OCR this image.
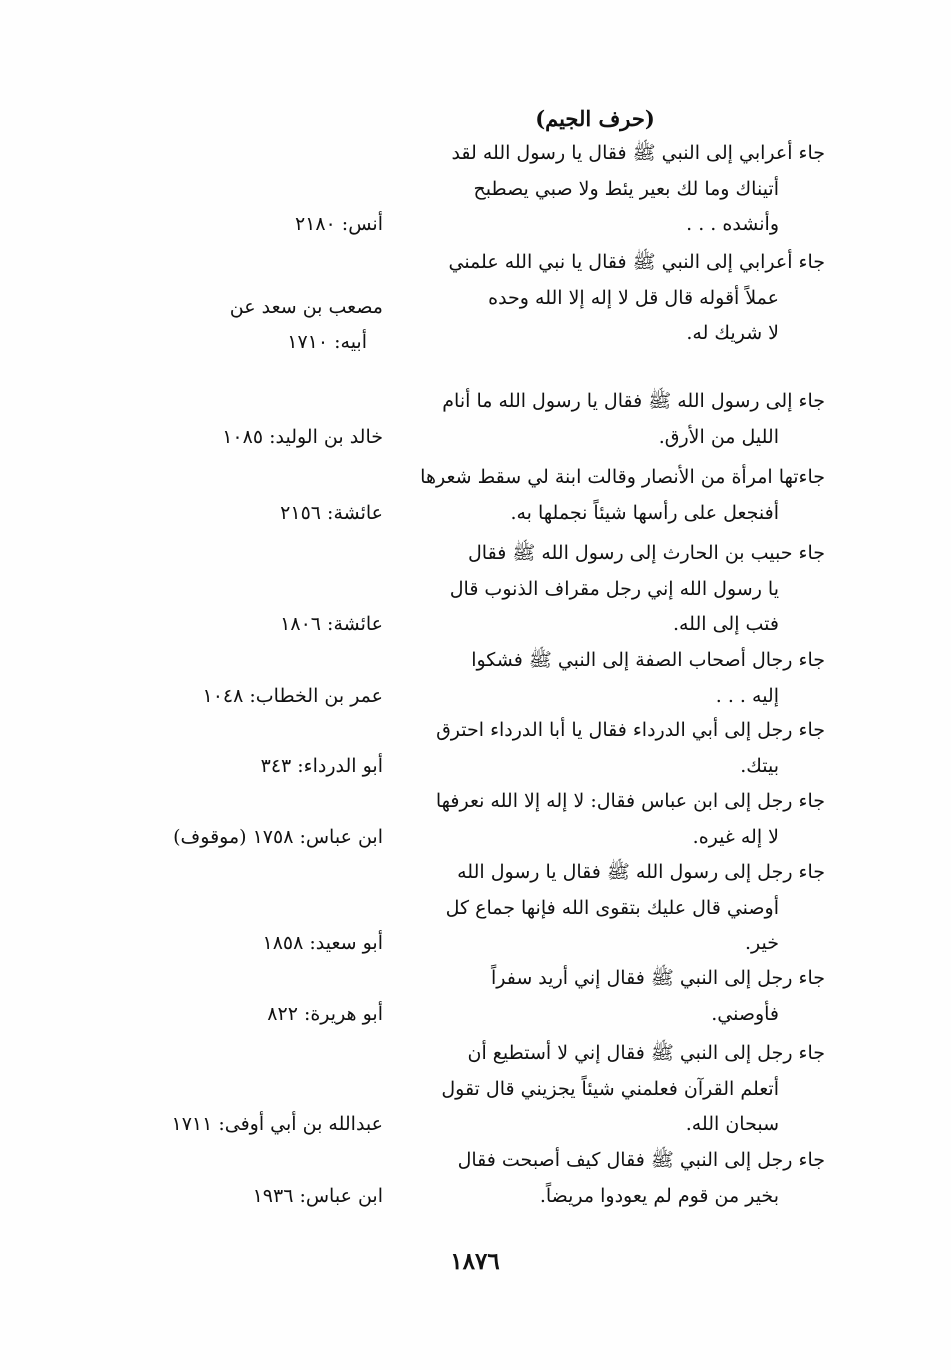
(حرف الجيم)
جاء أعرابي إلى النبي ﷺ فقال يا رسول الله لقد
أتيناك وما لك بعير يئط ولا صبي يصطبح
وأنشده . . .
أنس: ٢١٨٠
جاء أعرابي إلى النبي ﷺ فقال يا نبي الله علمني
عملاً أقوله قال قل لا إله إلا الله وحده
لا شريك له.
مصعب بن سعد عن
أبيه: ١٧١٠
جاء إلى رسول الله ﷺ فقال يا رسول الله ما أنام
الليل من الأرق.
خالد بن الوليد: ١٠٨٥
جاءتها امرأة من الأنصار وقالت ابنة لي سقط شعرها
أفنجعل على رأسها شيئاً نجملها به.
عائشة: ٢١٥٦
جاء حبيب بن الحارث إلى رسول الله ﷺ فقال
يا رسول الله إني رجل مقراف الذنوب قال
فتب إلى الله.
عائشة: ١٨٠٦
جاء رجال أصحاب الصفة إلى النبي ﷺ فشكوا
إليه . . .
عمر بن الخطاب: ١٠٤٨
جاء رجل إلى أبي الدرداء فقال يا أبا الدرداء احترق
بيتك.
أبو الدرداء: ٣٤٣
جاء رجل إلى ابن عباس فقال: لا إله إلا الله نعرفها
لا إله غيره.
ابن عباس: ١٧٥٨ (موقوف)
جاء رجل إلى رسول الله ﷺ فقال يا رسول الله
أوصني قال عليك بتقوى الله فإنها جماع كل
خير.
أبو سعيد: ١٨٥٨
جاء رجل إلى النبي ﷺ فقال إني أريد سفراً
فأوصني.
أبو هريرة: ٨٢٢
جاء رجل إلى النبي ﷺ فقال إني لا أستطيع أن
أتعلم القرآن فعلمني شيئاً يجزيني قال تقول
سبحان الله.
عبدالله بن أبي أوفى: ١٧١١
جاء رجل إلى النبي ﷺ فقال كيف أصبحت فقال
بخير من قوم لم يعودوا مريضاً.
ابن عباس: ١٩٣٦
١٨٧٦
